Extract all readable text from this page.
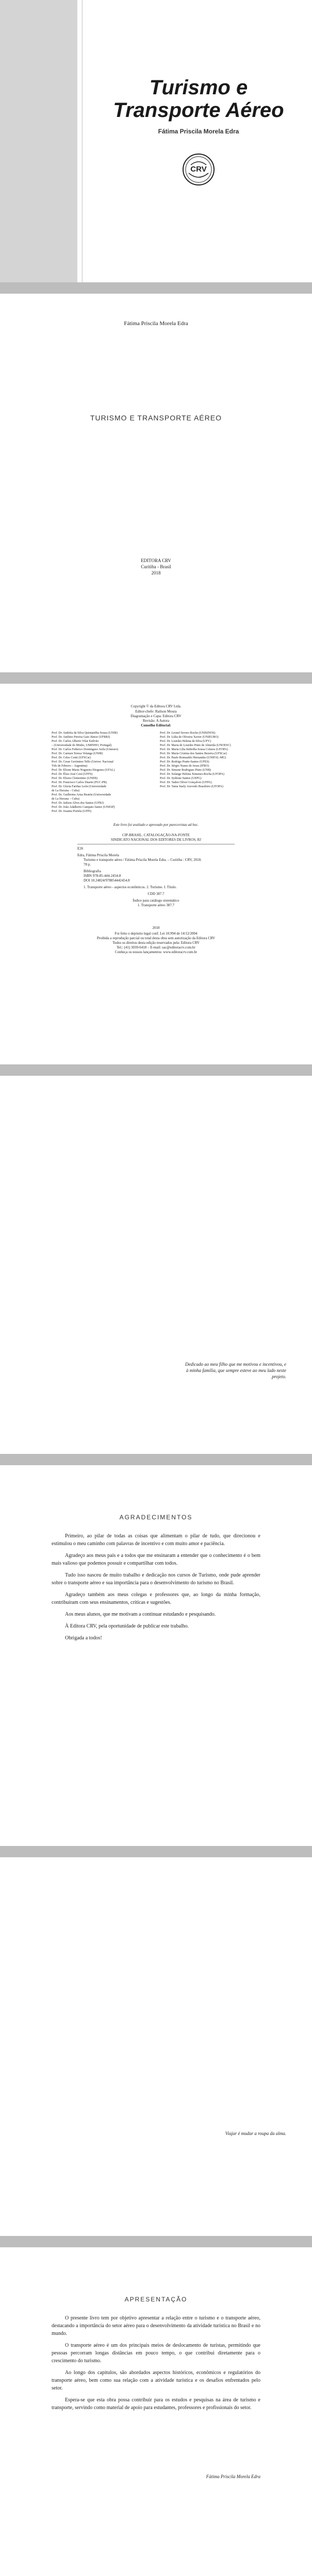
Turismo e
Transporte Aéreo
Fátima Priscila Morela Edra
CRV
Fátima Priscila Morela Edra
TURISMO E TRANSPORTE AÉREO
EDITORA CRV
Curitiba - Brasil
2018
Copyright © da Editora CRV Ltda.
Editor-chefe: Railson Moura
Diagramação e Capa: Editora CRV
Revisão: A Autora
Conselho Editorial:
Prof. Dr. Andréia da Silva Quintanilha Sousa (UNIR)
Prof. Dr. Antônio Pereira Gaio Júnior (UFRRJ)
Prof. Dr. Carlos Alberto Vilar Estêvão
– (Universidade do Minho, UMINHO, Portugal)
Prof. Dr. Carlos Federico Dominguez Avila (Unieuro)
Prof. Dr. Carmen Tereza Velanga (UNIR)
Prof. Dr. Celso Conti (UFSCar)
Prof. Dr. Cesar Gerónimo Tello (Univer. Nacional
Três de Febrero – Argentina)
Prof. Dr. Elione Maria Nogueira Diogenes (UFAL)
Prof. Dr. Élsio José Corá (UFFS)
Prof. Dr. Elizeu Clementino (UNEB)
Prof. Dr. Francisco Carlos Duarte (PUC-PR)
Prof. Dr. Gloria Fariñas León (Universidade
de La Havana – Cuba)
Prof. Dr. Guillermo Arias Beatón (Universidade
de La Havana – Cuba)
Prof. Dr. Jailson Alves dos Santos (UFRJ)
Prof. Dr. João Adalberto Campato Junior (UNESP)
Prof. Dr. Josania Portela (UFPI)
Prof. Dr. Leonel Severo Rocha (UNISINOS)
Prof. Dr. Lídia de Oliveira Xavier (UNIEURO)
Prof. Dr. Lourdes Helena da Silva (UFV)
Prof. Dr. Maria de Lourdes Pinto de Almeida (UNOESC)
Prof. Dr. Maria Lília Imbiriba Sousa Colares (UFOPA)
Prof. Dr. Maria Cristina dos Santos Bezerra (UFSCar)
Prof. Dr. Paulo Romualdo Hernandes (UNIFAL-MG)
Prof. Dr. Rodrigo Pratte-Santos (UFES)
Prof. Dr. Sérgio Nunes de Jesus (IFRO)
Prof. Dr. Simone Rodrigues Pinto (UNB)
Prof. Dr. Solange Helena Ximenes-Rocha (UFOPA)
Prof. Dr. Sydione Santos (UEPG)
Prof. Dr. Tadeu Oliver Gonçalves (UFPA)
Prof. Dr. Tania Suely Azevedo Brasileiro (UFOPA)
Este livro foi avaliado e aprovado por pareceristas ad hoc.
CIP-BRASIL. CATALOGAÇÃO-NA-FONTE
SINDICATO NACIONAL DOS EDITORES DE LIVROS, RJ
E26
Edra, Fátima Priscila Morela
Turismo e transporte aéreo / Fátima Priscila Morela Edra. – Curitiba : CRV, 2018.
78 p.
Bibliografia
ISBN 978-85-444-2454-8
DOI 10.24824/978854442454.8
1. Transporte aéreo - aspectos econômicos. 2. Turismo. I. Título.
CDD 387.7
Índice para catálogo sistemático
1. Transporte aéreo 387.7
2018
Foi feito o depósito legal conf. Lei 10.994 de 14/12/2004
Proibida a reprodução parcial ou total desta obra sem autorização da Editora CRV
Todos os direitos desta edição reservados pela: Editora CRV
Tel.: (41) 3039-6418 – E-mail: sac@editoracrv.com.br
Conheça os nossos lançamentos: www.editoracrv.com.br
Dedicado ao meu filho que me motivou e incentivou, e à minha família, que sempre esteve ao meu lado neste projeto.
AGRADECIMENTOS

Primeiro, ao pilar de todas as coisas que alimentam o pilar de tudo, que direcionou e estimulou o meu caminho com palavras de incentivo e com muito amor e paciência.

Agradeço aos meus pais e a todos que me ensinaram a entender que o conhecimento é o bem mais valioso que podemos possuir e compartilhar com todos.

Tudo isso nasceu de muito trabalho e dedicação nos cursos de Turismo, onde pude aprender sobre o transporte aéreo e sua importância para o desenvolvimento do turismo no Brasil.

Agradeço também aos meus colegas e professores que, ao longo da minha formação, contribuíram com seus ensinamentos, críticas e sugestões.

Aos meus alunos, que me motivam a continuar estudando e pesquisando.

À Editora CRV, pela oportunidade de publicar este trabalho.

Obrigada a todos!

Viajar é mudar a roupa da alma.
APRESENTAÇÃO

O presente livro tem por objetivo apresentar a relação entre o turismo e o transporte aéreo, destacando a importância do setor aéreo para o desenvolvimento da atividade turística no Brasil e no mundo.

O transporte aéreo é um dos principais meios de deslocamento de turistas, permitindo que pessoas percorram longas distâncias em pouco tempo, o que contribui diretamente para o crescimento do turismo.

Ao longo dos capítulos, são abordados aspectos históricos, econômicos e regulatórios do transporte aéreo, bem como sua relação com a atividade turística e os desafios enfrentados pelo setor.

Espera-se que esta obra possa contribuir para os estudos e pesquisas na área de turismo e transporte, servindo como material de apoio para estudantes, professores e profissionais do setor.

Fátima Priscila Morela Edra
